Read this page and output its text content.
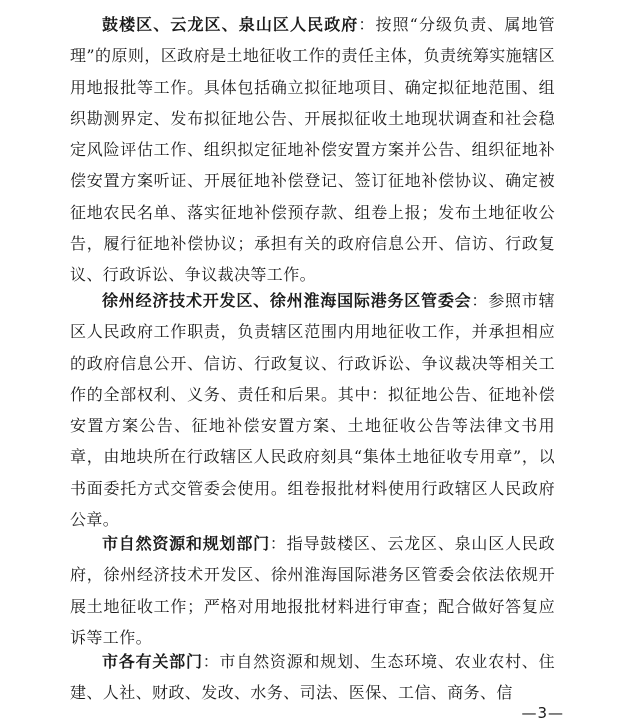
鼓楼区、云龙区、泉山区人民政府：按照“分级负责、属地管理”的原则，区政府是土地征收工作的责任主体，负责统筹实施辖区用地报批等工作。具体包括确立拟征地项目、确定拟征地范围、组织勘测界定、发布拟征地公告、开展拟征收土地现状调查和社会稳定风险评估工作、组织拟定征地补偿安置方案并公告、组织征地补偿安置方案听证、开展征地补偿登记、签订征地补偿协议、确定被征地农民名单、落实征地补偿预存款、组卷上报；发布土地征收公告，履行征地补偿协议；承担有关的政府信息公开、信访、行政复议、行政诉讼、争议裁决等工作。

徐州经济技术开发区、徐州淮海国际港务区管委会：参照市辖区人民政府工作职责，负责辖区范围内用地征收工作，并承担相应的政府信息公开、信访、行政复议、行政诉讼、争议裁决等相关工作的全部权利、义务、责任和后果。其中：拟征地公告、征地补偿安置方案公告、征地补偿安置方案、土地征收公告等法律文书用章，由地块所在行政辖区人民政府刻具“集体土地征收专用章”，以书面委托方式交管委会使用。组卷报批材料使用行政辖区人民政府公章。

市自然资源和规划部门：指导鼓楼区、云龙区、泉山区人民政府，徐州经济技术开发区、徐州淮海国际港务区管委会依法依规开展土地征收工作；严格对用地报批材料进行审查；配合做好答复应诉等工作。

市各有关部门：市自然资源和规划、生态环境、农业农村、住建、人社、财政、发改、水务、司法、医保、工信、商务、信

—3—
